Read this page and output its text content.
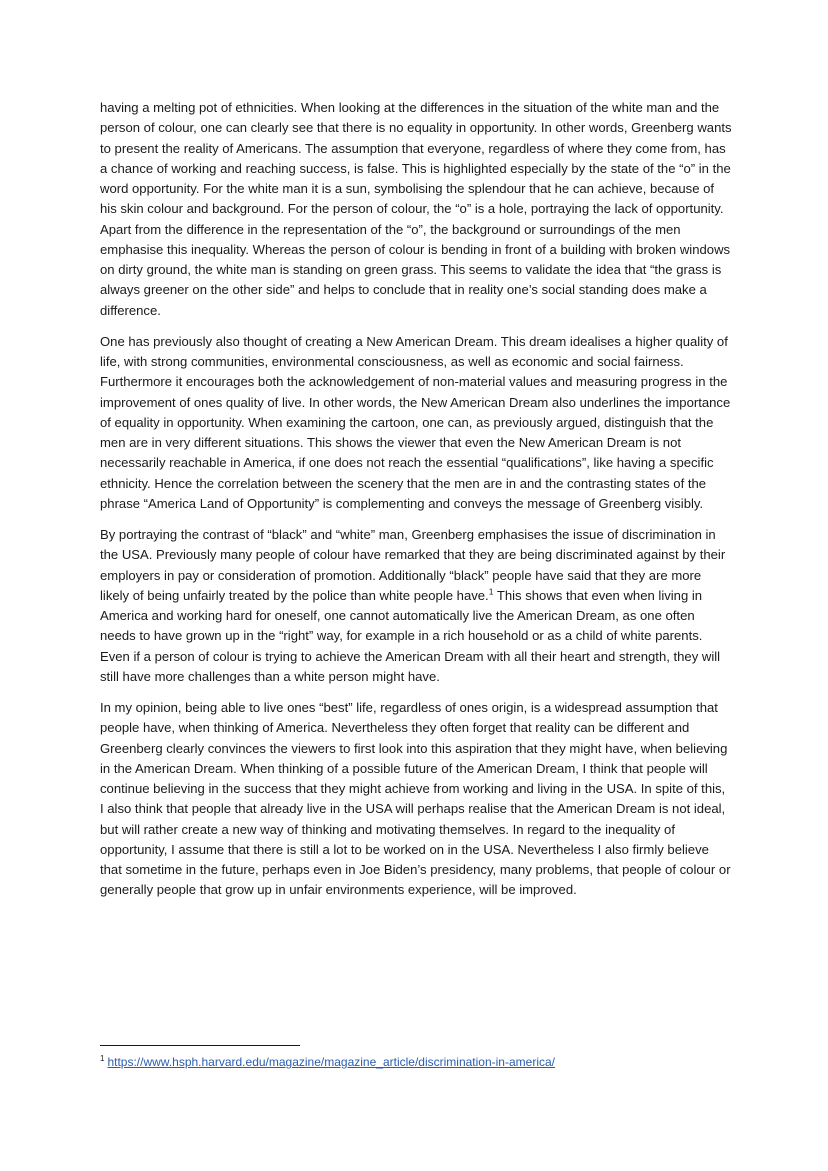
having a melting pot of ethnicities. When looking at the differences in the situation of the white man and the person of colour, one can clearly see that there is no equality in opportunity. In other words, Greenberg wants to present the reality of Americans. The assumption that everyone, regardless of where they come from, has a chance of working and reaching success, is false. This is highlighted especially by the state of the “o” in the word opportunity. For the white man it is a sun, symbolising the splendour that he can achieve, because of his skin colour and background. For the person of colour, the “o” is a hole, portraying the lack of opportunity. Apart from the difference in the representation of the “o”, the background or surroundings of the men emphasise this inequality. Whereas the person of colour is bending in front of a building with broken windows on dirty ground, the white man is standing on green grass. This seems to validate the idea that “the grass is always greener on the other side” and helps to conclude that in reality one’s social standing does make a difference.

One has previously also thought of creating a New American Dream. This dream idealises a higher quality of life, with strong communities, environmental consciousness, as well as economic and social fairness. Furthermore it encourages both the acknowledgement of non-material values and measuring progress in the improvement of ones quality of live. In other words, the New American Dream also underlines the importance of equality in opportunity. When examining the cartoon, one can, as previously argued, distinguish that the men are in very different situations. This shows the viewer that even the New American Dream is not necessarily reachable in America, if one does not reach the essential “qualifications”, like having a specific ethnicity. Hence the correlation between the scenery that the men are in and the contrasting states of the phrase “America Land of Opportunity” is complementing and conveys the message of Greenberg visibly.

By portraying the contrast of “black” and “white” man, Greenberg emphasises the issue of discrimination in the USA. Previously many people of colour have remarked that they are being discriminated against by their employers in pay or consideration of promotion. Additionally “black” people have said that they are more likely of being unfairly treated by the police than white people have.$^1$ This shows that even when living in America and working hard for oneself, one cannot automatically live the American Dream, as one often needs to have grown up in the “right” way, for example in a rich household or as a child of white parents. Even if a person of colour is trying to achieve the American Dream with all their heart and strength, they will still have more challenges than a white person might have.

In my opinion, being able to live ones “best” life, regardless of ones origin, is a widespread assumption that people have, when thinking of America. Nevertheless they often forget that reality can be different and Greenberg clearly convinces the viewers to first look into this aspiration that they might have, when believing in the American Dream. When thinking of a possible future of the American Dream, I think that people will continue believing in the success that they might achieve from working and living in the USA. In spite of this, I also think that people that already live in the USA will perhaps realise that the American Dream is not ideal, but will rather create a new way of thinking and motivating themselves. In regard to the inequality of opportunity, I assume that there is still a lot to be worked on in the USA. Nevertheless I also firmly believe that sometime in the future, perhaps even in Joe Biden’s presidency, many problems, that people of colour or generally people that grow up in unfair environments experience, will be improved.

$^1$ https://www.hsph.harvard.edu/magazine/magazine_article/discrimination-in-america/
